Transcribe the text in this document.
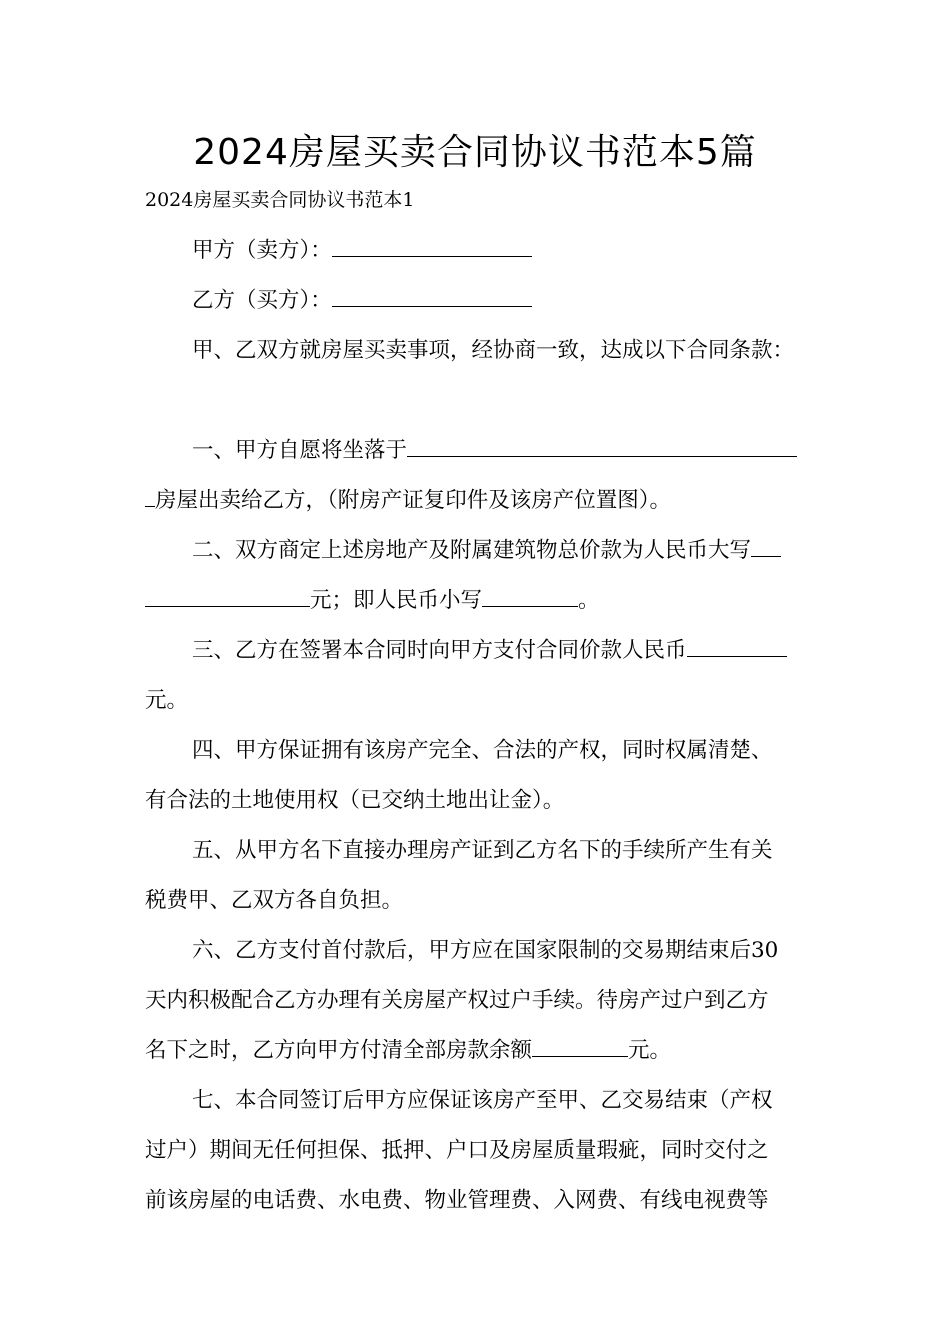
2024房屋买卖合同协议书范本5篇

2024房屋买卖合同协议书范本1

甲方（卖方）：

乙方（买方）：

甲、乙双方就房屋买卖事项，经协商一致，达成以下合同条款：

一、甲方自愿将坐落于

房屋出卖给乙方，（附房产证复印件及该房产位置图）。

二、双方商定上述房地产及附属建筑物总价款为人民币大写

元；即人民币小写	。

三、乙方在签署本合同时向甲方支付合同价款人民币

元。

四、甲方保证拥有该房产完全、合法的产权，同时权属清楚、

有合法的土地使用权（已交纳土地出让金）。

五、从甲方名下直接办理房产证到乙方名下的手续所产生有关

税费甲、乙双方各自负担。

六、乙方支付首付款后，甲方应在国家限制的交易期结束后30

天内积极配合乙方办理有关房屋产权过户手续。待房产过户到乙方

名下之时，乙方向甲方付清全部房款余额	元。

七、本合同签订后甲方应保证该房产至甲、乙交易结束（产权

过户）期间无任何担保、抵押、户口及房屋质量瑕疵，同时交付之

前该房屋的电话费、水电费、物业管理费、入网费、有线电视费等
